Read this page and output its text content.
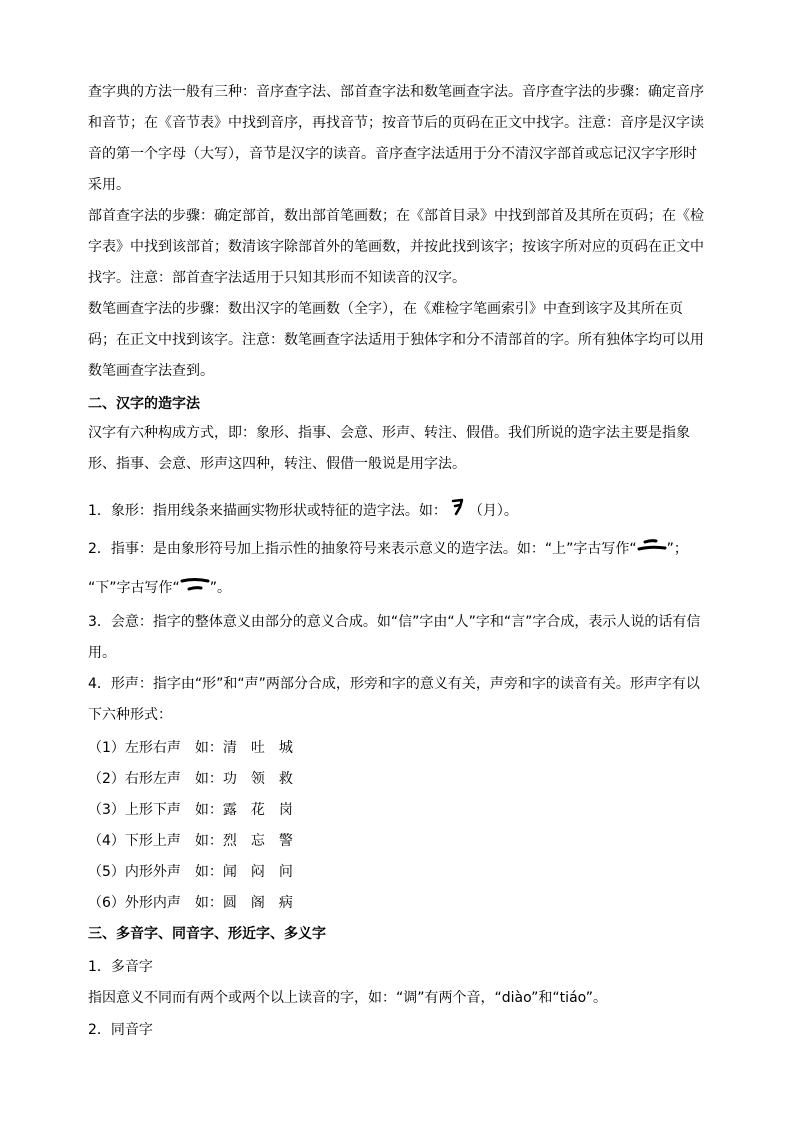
查字典的方法一般有三种：音序查字法、部首查字法和数笔画查字法。音序查字法的步骤：确定音序和音节；在《音节表》中找到音序，再找音节；按音节后的页码在正文中找字。注意：音序是汉字读音的第一个字母（大写），音节是汉字的读音。音序查字法适用于分不清汉字部首或忘记汉字字形时采用。

部首查字法的步骤：确定部首，数出部首笔画数；在《部首目录》中找到部首及其所在页码；在《检字表》中找到该部首；数清该字除部首外的笔画数，并按此找到该字；按该字所对应的页码在正文中找字。注意：部首查字法适用于只知其形而不知读音的汉字。

数笔画查字法的步骤：数出汉字的笔画数（全字），在《难检字笔画索引》中查到该字及其所在页码；在正文中找到该字。注意：数笔画查字法适用于独体字和分不清部首的字。所有独体字均可以用数笔画查字法查到。

二、汉字的造字法

汉字有六种构成方式，即：象形、指事、会意、形声、转注、假借。我们所说的造字法主要是指象形、指事、会意、形声这四种，转注、假借一般说是用字法。

1．象形：指用线条来描画实物形状或特征的造字法。如： （月）。

2．指事：是由象形符号加上指示性的抽象符号来表示意义的造字法。如：“上”字古写作“ ”；

“下”字古写作“ ”。

3．会意：指字的整体意义由部分的意义合成。如“信”字由“人”字和“言”字合成，表示人说的话有信用。

4．形声：指字由“形”和“声”两部分合成，形旁和字的意义有关，声旁和字的读音有关。形声字有以下六种形式：

（1）左形右声　如：清　吐　城

（2）右形左声　如：功　领　救

（3）上形下声　如：露　花　岗

（4）下形上声　如：烈　忘　警

（5）内形外声　如：闻　闷　问

（6）外形内声　如：圆　阁　病

三、多音字、同音字、形近字、多义字

1．多音字

指因意义不同而有两个或两个以上读音的字，如：“调”有两个音，“diào”和“tiáo”。

2．同音字
